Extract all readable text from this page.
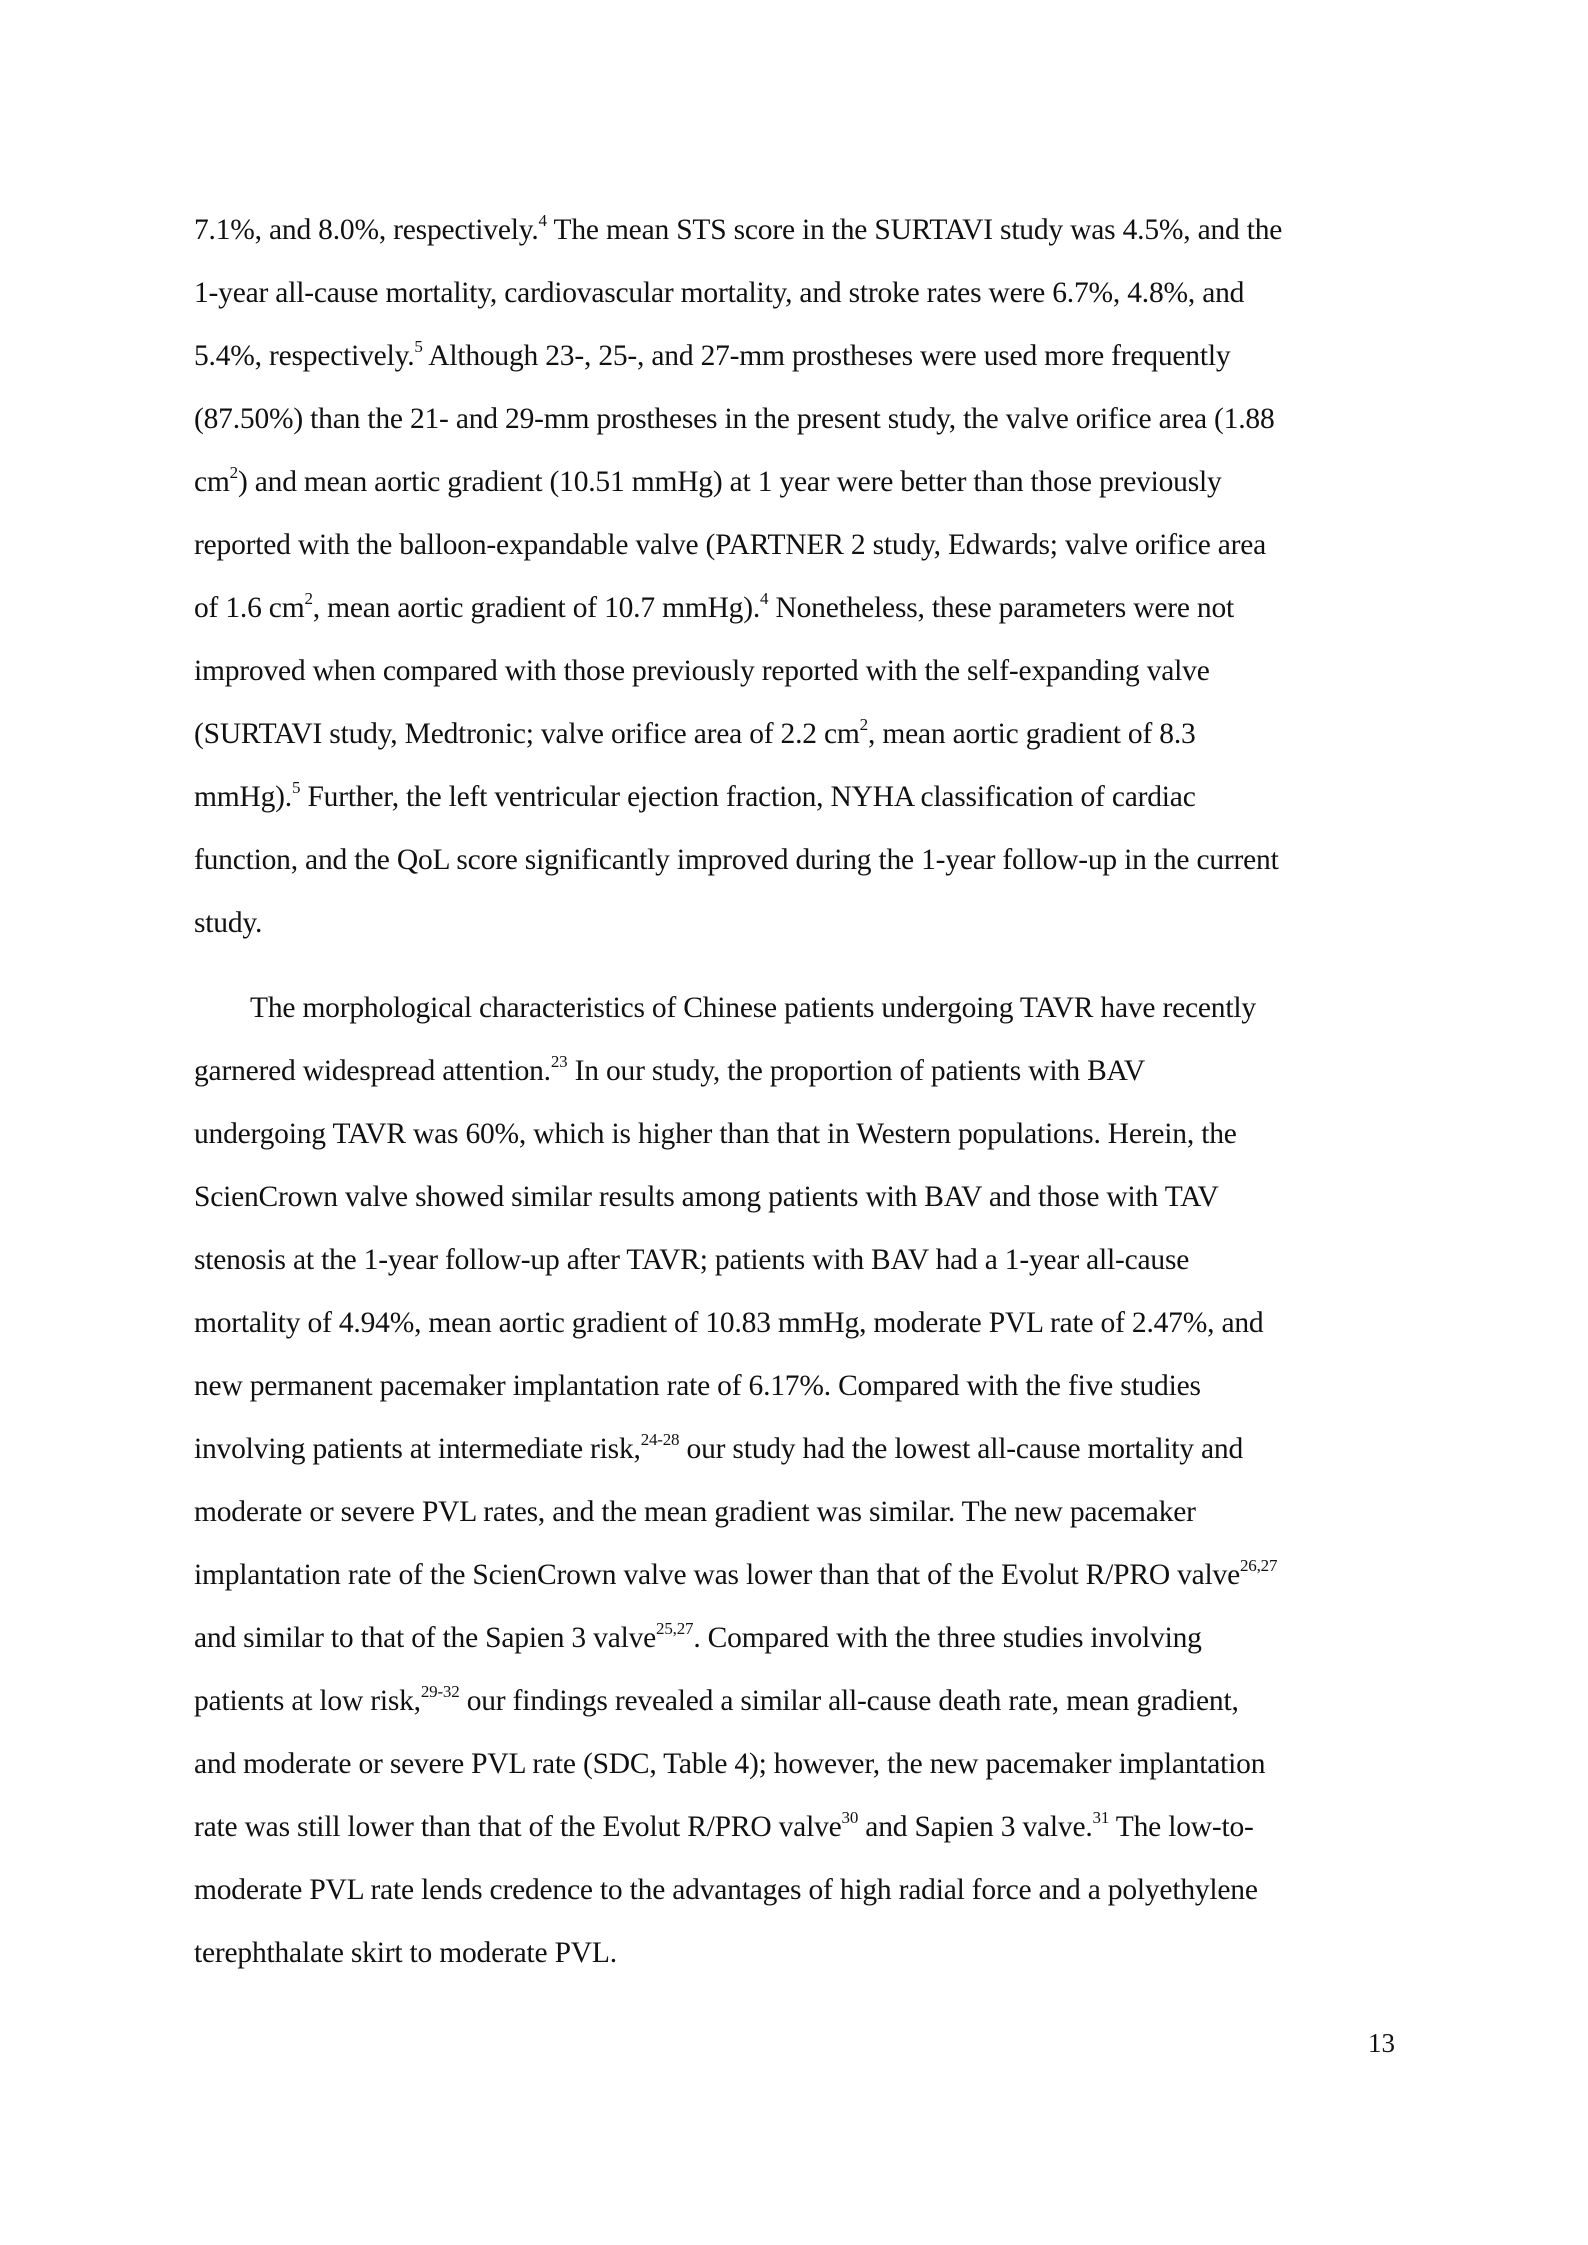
7.1%, and 8.0%, respectively.$^4$ The mean STS score in the SURTAVI study was 4.5%, and the
1-year all-cause mortality, cardiovascular mortality, and stroke rates were 6.7%, 4.8%, and
5.4%, respectively.$^5$ Although 23-, 25-, and 27-mm prostheses were used more frequently
(87.50%) than the 21- and 29-mm prostheses in the present study, the valve orifice area (1.88
$cm^2$) and mean aortic gradient (10.51 mmHg) at 1 year were better than those previously
reported with the balloon-expandable valve (PARTNER 2 study, Edwards; valve orifice area
of 1.6 $cm^2$, mean aortic gradient of 10.7 mmHg).$^4$ Nonetheless, these parameters were not
improved when compared with those previously reported with the self-expanding valve
(SURTAVI study, Medtronic; valve orifice area of 2.2 $cm^2$, mean aortic gradient of 8.3
mmHg).$^5$ Further, the left ventricular ejection fraction, NYHA classification of cardiac
function, and the QoL score significantly improved during the 1-year follow-up in the current
study.
The morphological characteristics of Chinese patients undergoing TAVR have recently
garnered widespread attention.$^{23}$ In our study, the proportion of patients with BAV
undergoing TAVR was 60%, which is higher than that in Western populations. Herein, the
ScienCrown valve showed similar results among patients with BAV and those with TAV
stenosis at the 1-year follow-up after TAVR; patients with BAV had a 1-year all-cause
mortality of 4.94%, mean aortic gradient of 10.83 mmHg, moderate PVL rate of 2.47%, and
new permanent pacemaker implantation rate of 6.17%. Compared with the five studies
involving patients at intermediate risk,$^{24-28}$ our study had the lowest all-cause mortality and
moderate or severe PVL rates, and the mean gradient was similar. The new pacemaker
implantation rate of the ScienCrown valve was lower than that of the Evolut R/PRO valve$^{26,27}$
and similar to that of the Sapien 3 valve$^{25,27}$. Compared with the three studies involving
patients at low risk,$^{29-32}$ our findings revealed a similar all-cause death rate, mean gradient,
and moderate or severe PVL rate (SDC, Table 4); however, the new pacemaker implantation
rate was still lower than that of the Evolut R/PRO valve$^{30}$ and Sapien 3 valve.$^{31}$ The low-to-
moderate PVL rate lends credence to the advantages of high radial force and a polyethylene
terephthalate skirt to moderate PVL.
13
